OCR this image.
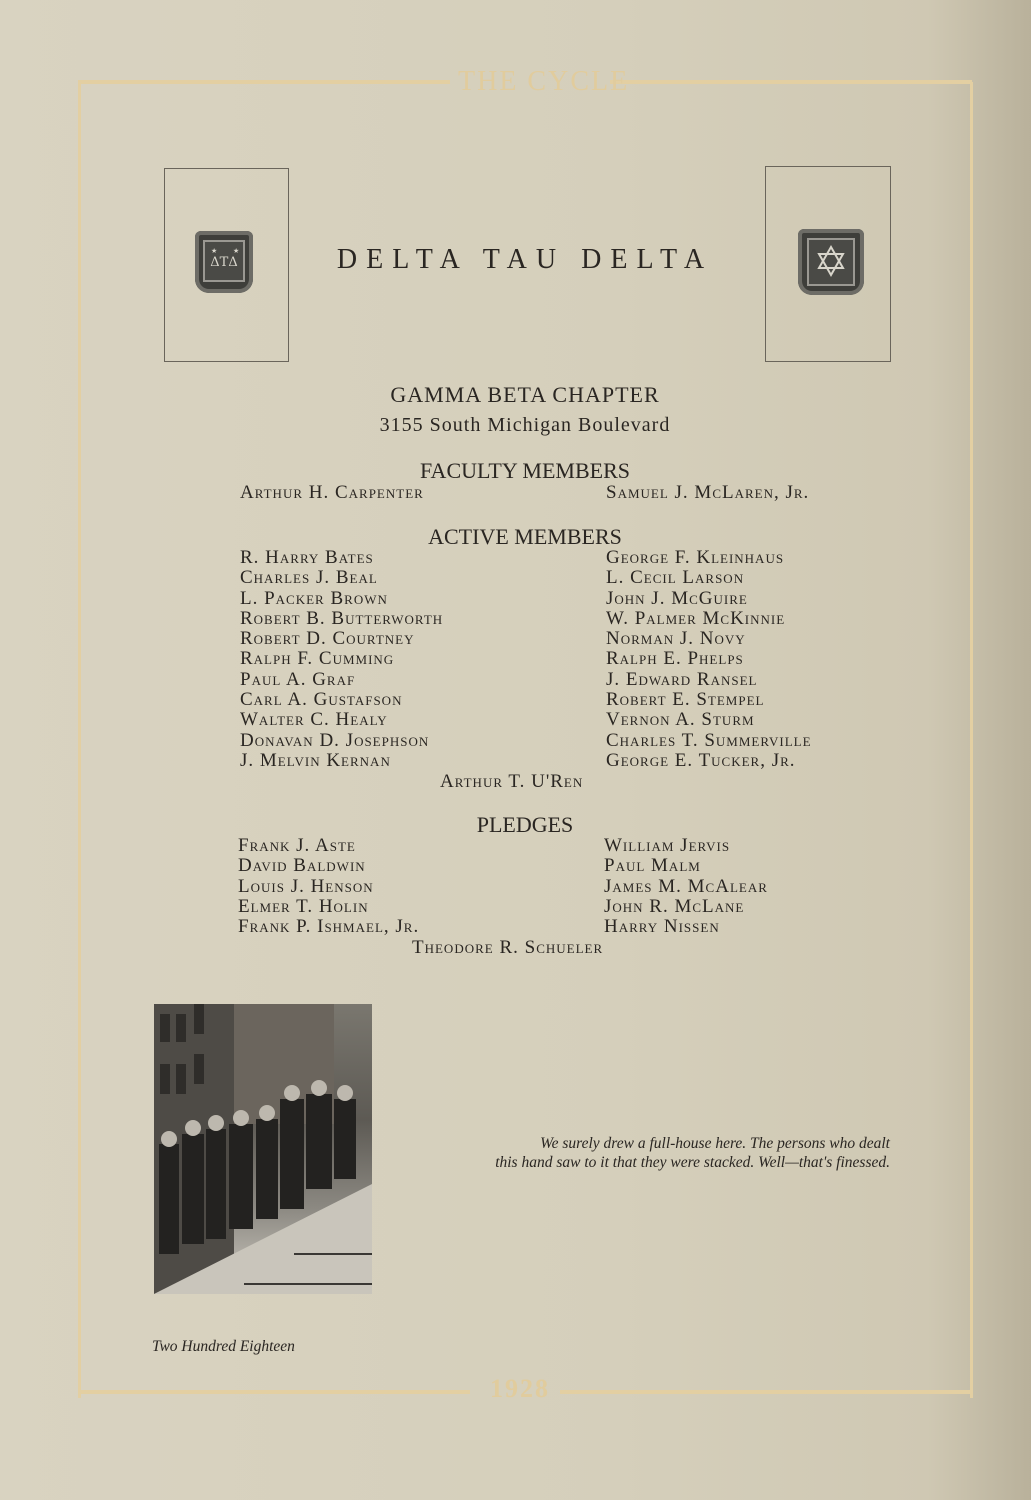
THE CYCLE
1928
ΔΤΔ
★ ★	DELTA TAU DELTA
GAMMA BETA CHAPTER
3155 South Michigan Boulevard
FACULTY MEMBERS
Arthur H. Carpenter	Samuel J. McLaren, Jr.
ACTIVE MEMBERS
R. Harry Bates
Charles J. Beal
L. Packer Brown
Robert B. Butterworth
Robert D. Courtney
Ralph F. Cumming
Paul A. Graf
Carl A. Gustafson
Walter C. Healy
Donavan D. Josephson
J. Melvin Kernan
George F. Kleinhaus
L. Cecil Larson
John J. McGuire
W. Palmer McKinnie
Norman J. Novy
Ralph E. Phelps
J. Edward Ransel
Robert E. Stempel
Vernon A. Sturm
Charles T. Summerville
George E. Tucker, Jr.
Arthur T. U'Ren
PLEDGES
Frank J. Aste
David Baldwin
Louis J. Henson
Elmer T. Holin
Frank P. Ishmael, Jr.
William Jervis
Paul Malm
James M. McAlear
John R. McLane
Harry Nissen
Theodore R. Schueler
We surely drew a full-house here. The persons who dealt
this hand saw to it that they were stacked. Well—that's finessed.
Two Hundred Eighteen
